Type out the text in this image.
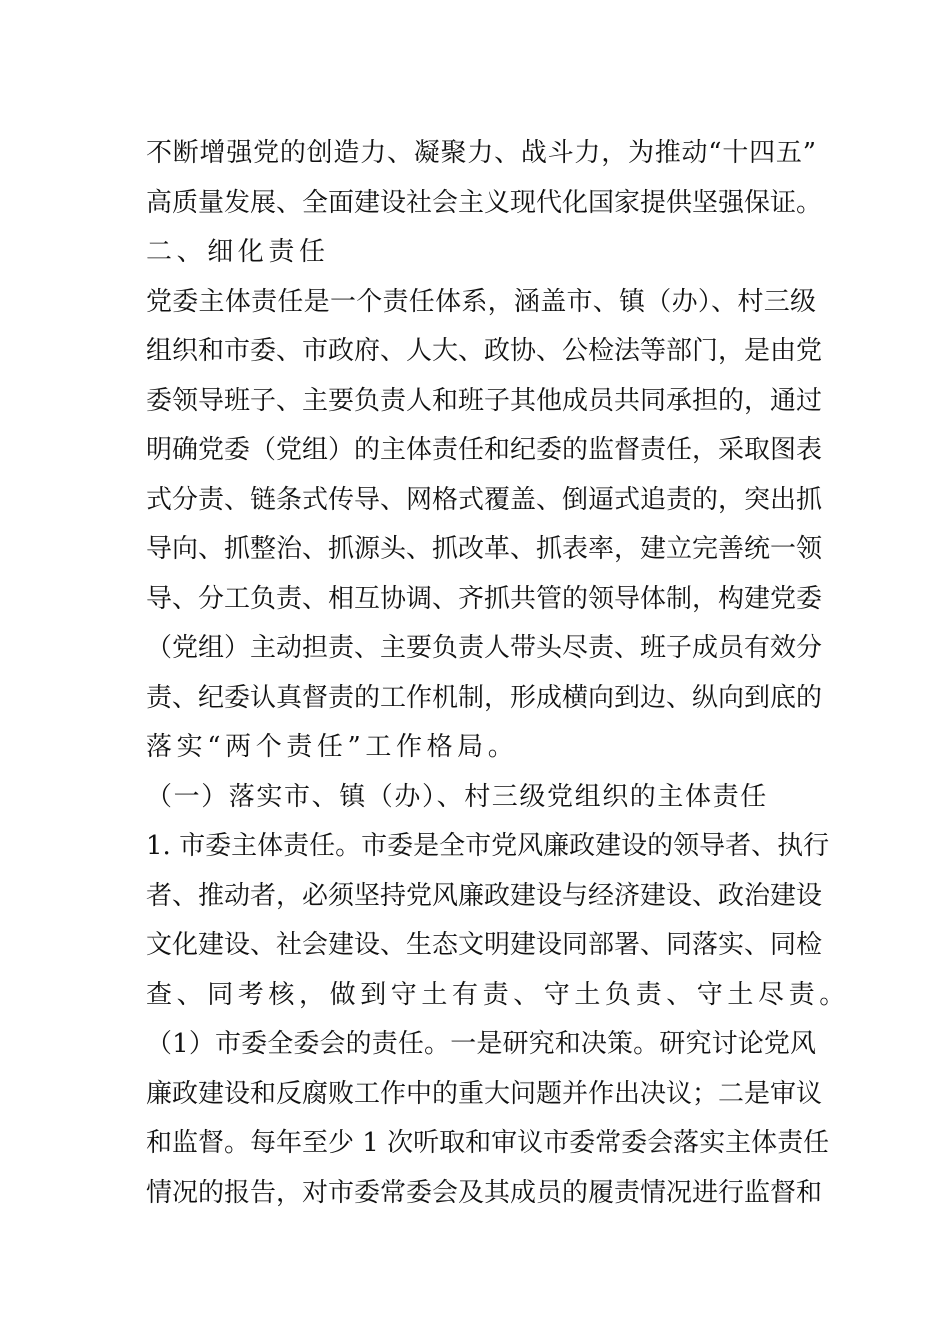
不断增强党的创造力、凝聚力、战斗力，为推动“十四五”
高质量发展、全面建设社会主义现代化国家提供坚强保证。
二、细化责任
党委主体责任是一个责任体系，涵盖市、镇（办）、村三级
组织和市委、市政府、人大、政协、公检法等部门，是由党
委领导班子、主要负责人和班子其他成员共同承担的，通过
明确党委（党组）的主体责任和纪委的监督责任，采取图表
式分责、链条式传导、网格式覆盖、倒逼式追责的，突出抓
导向、抓整治、抓源头、抓改革、抓表率，建立完善统一领
导、分工负责、相互协调、齐抓共管的领导体制，构建党委
（党组）主动担责、主要负责人带头尽责、班子成员有效分
责、纪委认真督责的工作机制，形成横向到边、纵向到底的
落实“两个责任”工作格局。
（一）落实市、镇（办）、村三级党组织的主体责任
1. 市委主体责任。市委是全市党风廉政建设的领导者、执行
者、推动者，必须坚持党风廉政建设与经济建设、政治建设
文化建设、社会建设、生态文明建设同部署、同落实、同检
查、同考核，做到守土有责、守土负责、守土尽责。
（1）市委全委会的责任。一是研究和决策。研究讨论党风
廉政建设和反腐败工作中的重大问题并作出决议；二是审议
和监督。每年至少 1 次听取和审议市委常委会落实主体责任
情况的报告，对市委常委会及其成员的履责情况进行监督和
